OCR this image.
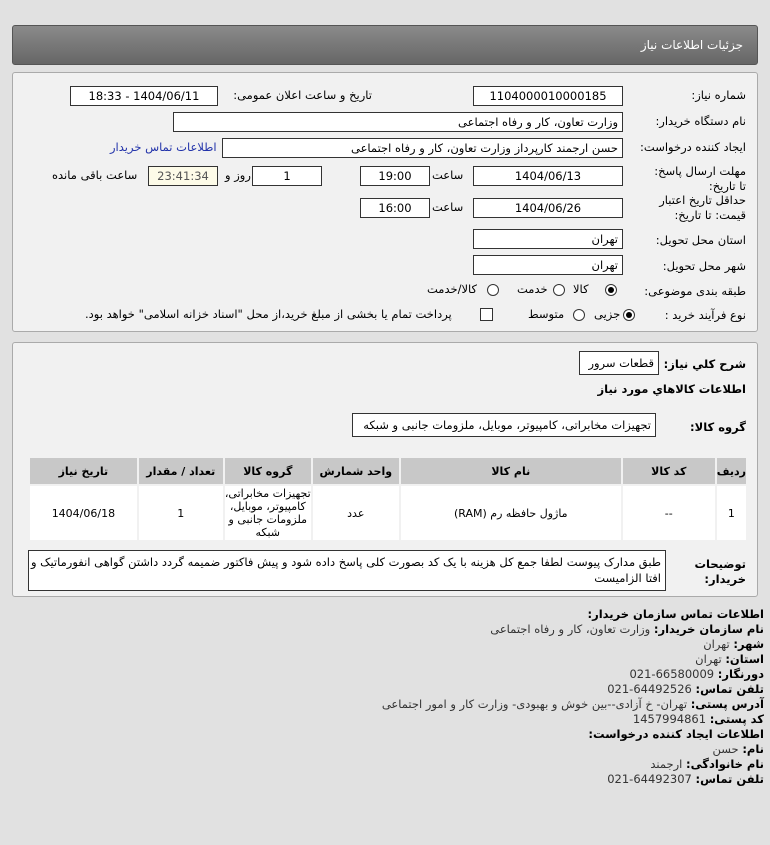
جزئیات اطلاعات نیاز
شماره نیاز:
1104000010000185
تاریخ و ساعت اعلان عمومی:
1404/06/11 - 18:33
نام دستگاه خریدار:
وزارت تعاون، کار و رفاه اجتماعی
ایجاد کننده درخواست:
حسن ارجمند کارپرداز وزارت تعاون، کار و رفاه اجتماعی
اطلاعات تماس خریدار
مهلت ارسال پاسخ: تا تاریخ:
1404/06/13
ساعت
19:00
1
روز و
23:41:34
ساعت باقی مانده
حداقل تاریخ اعتبار قیمت: تا تاریخ:
1404/06/26
ساعت
16:00
استان محل تحویل:
تهران
شهر محل تحویل:
تهران
طبقه بندی موضوعی:
کالا
خدمت
کالا/خدمت
نوع فرآیند خرید :
جزیی
متوسط
پرداخت تمام یا بخشی از مبلغ خرید،از محل "اسناد خزانه اسلامی" خواهد بود.
شرح کلي نياز:
قطعات سرور
اطلاعات کالاهاي مورد نياز
گروه کالا:
تجهیزات مخابراتی، کامپیوتر، موبایل، ملزومات جانبی و شبکه
ردیف	کد کالا	نام کالا	واحد شمارش	گروه کالا	تعداد / مقدار	تاریخ نیاز
1	--	ماژول حافظه رم (RAM)	عدد	تجهیزات مخابراتی، کامپیوتر، موبایل، ملزومات جانبی و شبکه	1	1404/06/18
توضیحات خریدار:
طبق مدارک پیوست لطفا جمع کل هزینه با یک کد بصورت کلی پاسخ داده شود و پیش فاکتور ضمیمه گردد داشتن گواهی انفورماتیک و افتا الزامیست
اطلاعات تماس سازمان خریدار:
نام سازمان خریدار: وزارت تعاون، کار و رفاه اجتماعی
شهر: تهران
استان: تهران
دورنگار: 66580009-021
تلفن تماس: 64492526-021
آدرس پستی: تهران- خ آزادی--بین خوش و بهبودی- وزارت کار و امور اجتماعی
کد پستی: 1457994861
اطلاعات ایجاد کننده درخواست:
نام: حسن
نام خانوادگی: ارجمند
تلفن تماس: 64492307-021
